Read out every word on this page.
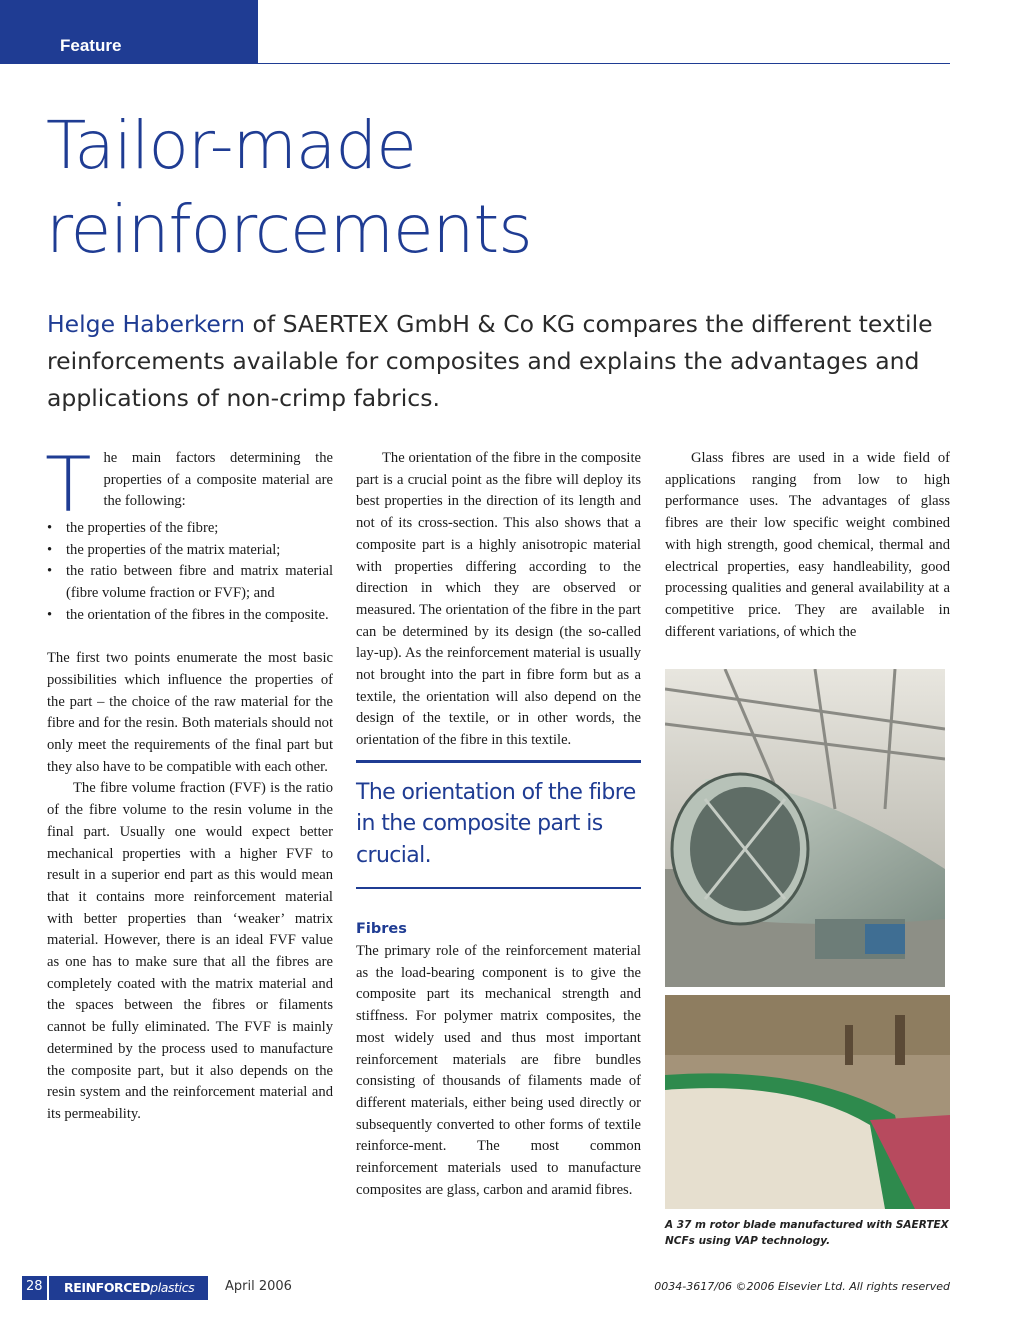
Feature
Tailor-made
reinforcements

Helge Haberkern of SAERTEX GmbH & Co KG compares the different textile reinforcements available for composites and explains the advantages and applications of non-crimp fabrics.

T he main factors determining the properties of a composite material are the following:

• the properties of the fibre;
• the properties of the matrix material;
• the ratio between fibre and matrix material (fibre volume fraction or FVF); and
• the orientation of the fibres in the composite.

The first two points enumerate the most basic possibilities which influence the properties of the part – the choice of the raw material for the fibre and for the resin. Both materials should not only meet the requirements of the final part but they also have to be compatible with each other.

The fibre volume fraction (FVF) is the ratio of the fibre volume to the resin volume in the final part. Usually one would expect better mechanical properties with a higher FVF to result in a superior end part as this would mean that it contains more reinforcement material with better properties than ‘weaker’ matrix material. However, there is an ideal FVF value as one has to make sure that all the fibres are completely coated with the matrix material and the spaces between the fibres or filaments cannot be fully eliminated. The FVF is mainly determined by the process used to manufacture the composite part, but it also depends on the resin system and the reinforcement material and its permeability.

The orientation of the fibre in the composite part is a crucial point as the fibre will deploy its best properties in the direction of its length and not of its cross-section. This also shows that a composite part is a highly anisotropic material with properties differing according to the direction in which they are observed or measured. The orientation of the fibre in the part can be determined by its design (the so-called lay-up). As the reinforcement material is usually not brought into the part in fibre form but as a textile, the orientation will also depend on the design of the textile, or in other words, the orientation of the fibre in this textile.

The orientation of the fibre in the composite part is crucial.
Fibres

The primary role of the reinforcement material as the load-bearing component is to give the composite part its mechanical strength and stiffness. For polymer matrix composites, the most widely used and thus most important reinforcement materials are fibre bundles consisting of thousands of filaments made of different materials, either being used directly or subsequently converted to other forms of textile reinforce-ment. The most common reinforcement materials used to manufacture composites are glass, carbon and aramid fibres.

Glass fibres are used in a wide field of applications ranging from low to high performance uses. The advantages of glass fibres are their low specific weight combined with high strength, good chemical, thermal and electrical properties, easy handleability, good processing qualities and general availability at a competitive price. They are available in different variations, of which the

A 37 m rotor blade manufactured with SAERTEX NCFs using VAP technology.

28 REINFORCEDplastics April 2006	0034-3617/06 ©2006 Elsevier Ltd. All rights reserved
